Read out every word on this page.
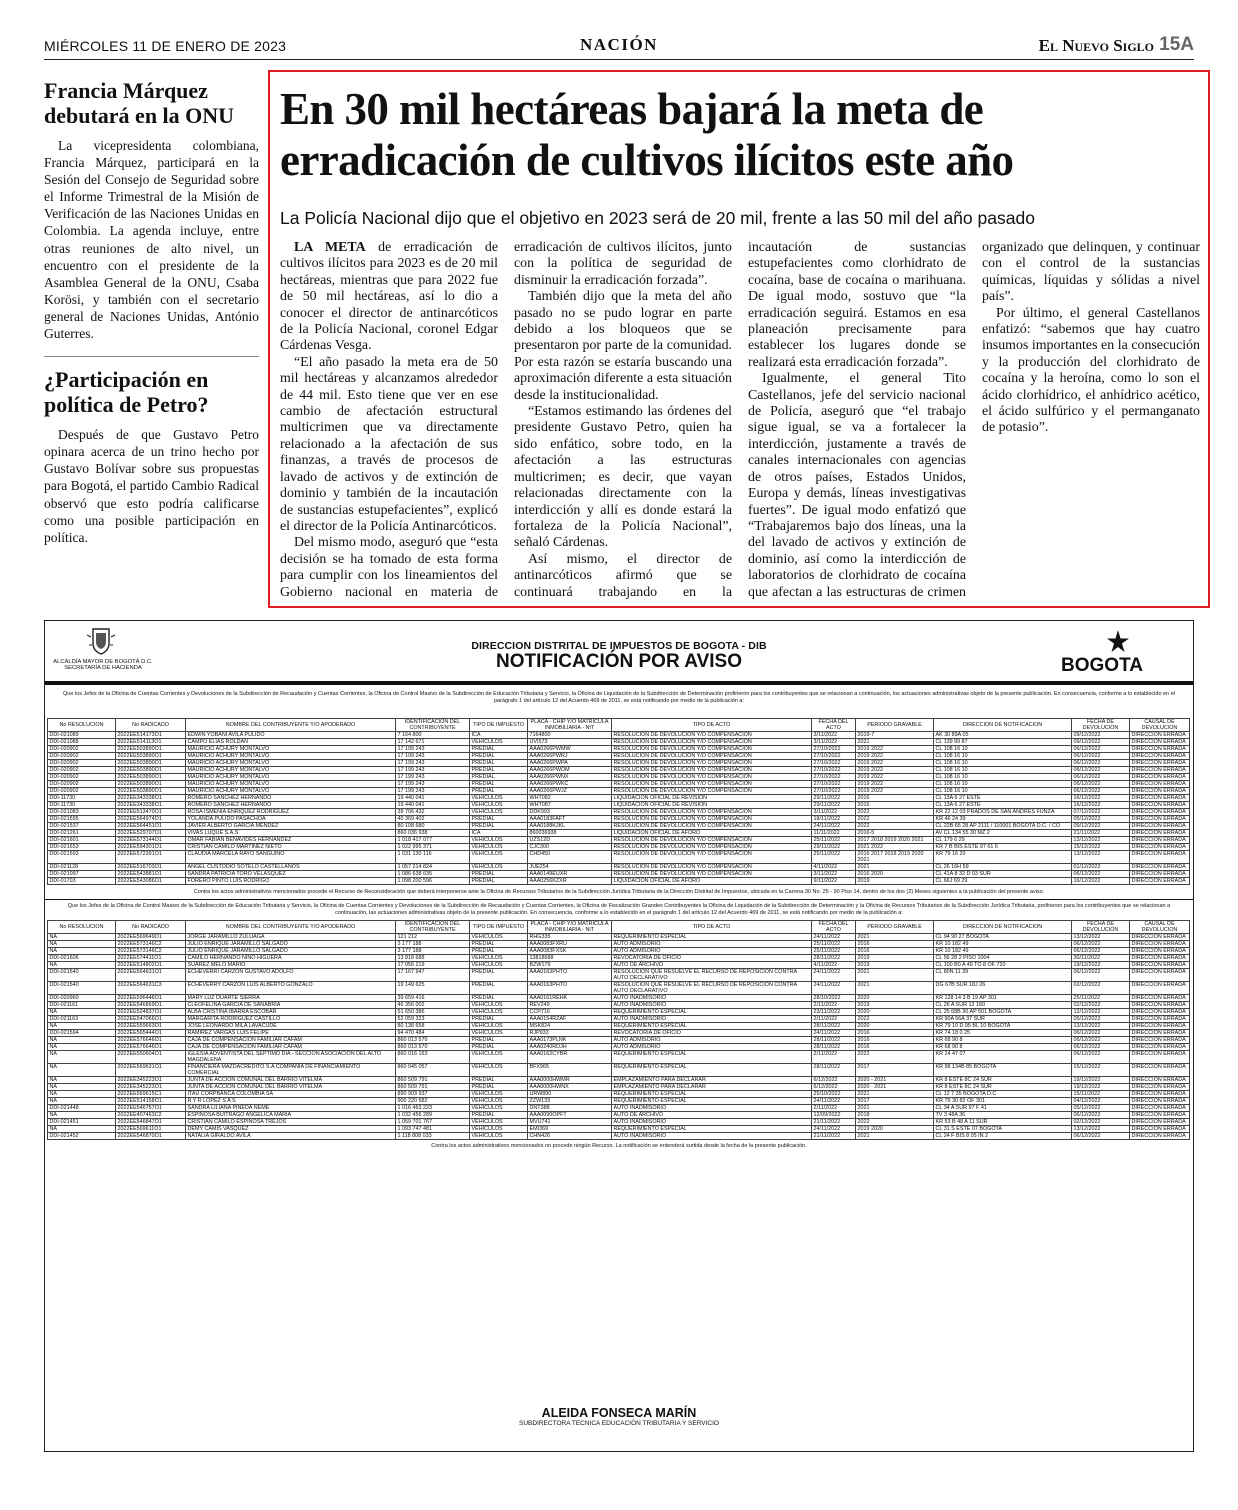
MIÉRCOLES 11 DE ENERO DE 2023	NACIÓN	El Nuevo Siglo 15A
Francia Márquez debutará en la ONU

La vicepresidenta colombiana, Francia Márquez, participará en la Sesión del Consejo de Seguridad sobre el Informe Trimestral de la Misión de Verificación de las Naciones Unidas en Colombia. La agenda incluye, entre otras reuniones de alto nivel, un encuentro con el presidente de la Asamblea General de la ONU, Csaba Korösi, y también con el secretario general de Naciones Unidas, António Guterres.

¿Participación en política de Petro?

Después de que Gustavo Petro opinara acerca de un trino hecho por Gustavo Bolívar sobre sus propuestas para Bogotá, el partido Cambio Radical observó que esto podría calificarse como una posible participación en política.

En 30 mil hectáreas bajará la meta de erradicación de cultivos ilícitos este año
La Policía Nacional dijo que el objetivo en 2023 será de 20 mil, frente a las 50 mil del año pasado

LA META de erradicación de cultivos ilícitos para 2023 es de 20 mil hectáreas, mientras que para 2022 fue de 50 mil hectáreas, así lo dio a conocer el director de antinarcóticos de la Policía Nacional, coronel Edgar Cárdenas Vesga.

“El año pasado la meta era de 50 mil hectáreas y alcanzamos alrededor de 44 mil. Esto tiene que ver en ese cambio de afectación estructural multicrimen que va directamente relacionado a la afectación de sus finanzas, a través de procesos de lavado de activos y de extinción de dominio y también de la incautación de sustancias estupefacientes”, explicó el director de la Policía Antinarcóticos.

Del mismo modo, aseguró que “esta decisión se ha tomado de esta forma para cumplir con los lineamientos del Gobierno nacional en materia de erradicación de cultivos ilícitos, junto con la política de seguridad de disminuir la erradicación forzada”.

También dijo que la meta del año pasado no se pudo lograr en parte debido a los bloqueos que se presentaron por parte de la comunidad. Por esta razón se estaría buscando una aproximación diferente a esta situación desde la institucionalidad.

“Estamos estimando las órdenes del presidente Gustavo Petro, quien ha sido enfático, sobre todo, en la afectación a las estructuras multicrimen; es decir, que vayan relacionadas directamente con la interdicción y allí es donde estará la fortaleza de la Policía Nacional”, señaló Cárdenas.

Así mismo, el director de antinarcóticos afirmó que se continuará trabajando en la incautación de sustancias estupefacientes como clorhidrato de cocaína, base de cocaína o marihuana. De igual modo, sostuvo que “la erradicación seguirá. Estamos en esa planeación precisamente para establecer los lugares donde se realizará esta erradicación forzada”.

Igualmente, el general Tito Castellanos, jefe del servicio nacional de Policía, aseguró que “el trabajo sigue igual, se va a fortalecer la interdicción, justamente a través de canales internacionales con agencias de otros países, Estados Unidos, Europa y demás, líneas investigativas fuertes”. De igual modo enfatizó que “Trabajaremos bajo dos líneas, una la del lavado de activos y extinción de dominio, así como la interdicción de laboratorios de clorhidrato de cocaína que afectan a las estructuras de crimen organizado que delinquen, y continuar con el control de la sustancias químicas, líquidas y sólidas a nivel país”.

Por último, el general Castellanos enfatizó: “sabemos que hay cuatro insumos importantes en la consecución y la producción del clorhidrato de cocaína y la heroína, como lo son el ácido clorhídrico, el anhídrico acético, el ácido sulfúrico y el permanganato de potasio”.

ALCALDÍA MAYOR DE BOGOTÁ D.C.
SECRETARÍA DE HACIENDA
DIRECCION DISTRITAL DE IMPUESTOS DE BOGOTA - DIB
NOTIFICACIÓN POR AVISO	BOGOTA
Que los Jefes de la Oficina de Cuentas Corrientes y Devoluciones de la Subdirección de Recaudación y Cuentas Corrientes, la Oficina de Control Masivo de la Subdirección de Educación Tributaria y Servicio, la Oficina de Liquidación de la Subdirección de Determinación profirieron para los contribuyentes que se relacionan a continuación, los actuaciones administrativas objeto de la presente publicación. En consecuencia, conforme a lo establecido en el parágrafo 1 del artículo 12 del Acuerdo 469 de 2011, se está notificando por medio de la publicación a:
No RESOLUCION	No RADICADO	NOMBRE DEL CONTRIBUYENTE Y/O APODERADO	IDENTIFICACION DEL CONTRIBUYENTE	TIPO DE IMPUESTO	PLACA - CHIP Y/O MATRICULA INMOBILIARIA - NIT	TIPO DE ACTO	FECHA DEL ACTO	PERIODO GRAVABLE	DIRECCION DE NOTIFICACION	FECHA DE DEVOLUCION	CAUSAL DE DEVOLUCION
DDI-021089	2022EE514173O1	EDWIN YOBANI AVILA PULIDO	7 164 800	ICA	7164800	RESOLUCION DE DEVOLUCION Y/O COMPENSACION	3/11/2022	2019-7	AK 30 89A 05	09/12/2022	DIRECCION ERRADA
DDI-021088	2022EE514113O1	CAMPO ELIAS ROLDAN	17 142 671	VEHICULOS	UVI573	RESOLUCION DE DEVOLUCION Y/O COMPENSACION	3/11/2022	2021	CL 139 99 87	09/12/2022	DIRECCION ERRADA
DDI-020902	2022EE503890O1	MAURICIO ACHURY MONTALVO	17 199 243	PREDIAL	AAA0266PWMW	RESOLUCION DE DEVOLUCION Y/O COMPENSACION	27/10/2022	2019 2022	CL 108 16 10	06/12/2022	DIRECCION ERRADA
DDI-020902	2022EE503890O1	MAURICIO ACHURY MONTALVO	17 199 243	PREDIAL	AAA0266PWRJ	RESOLUCION DE DEVOLUCION Y/O COMPENSACION	27/10/2022	2019 2022	CL 108 16 10	06/12/2022	DIRECCION ERRADA
DDI-020902	2022EE503890O1	MAURICIO ACHURY MONTALVO	17 199 243	PREDIAL	AAA0266PWPA	RESOLUCION DE DEVOLUCION Y/O COMPENSACION	27/10/2022	2019 2022	CL 108 16 10	06/12/2022	DIRECCION ERRADA
DDI-020902	2022EE503890O1	MAURICIO ACHURY MONTALVO	17 199 243	PREDIAL	AAA0266PWOM	RESOLUCION DE DEVOLUCION Y/O COMPENSACION	27/10/2022	2019 2022	CL 108 16 10	06/12/2022	DIRECCION ERRADA
DDI-020902	2022EE503890O1	MAURICIO ACHURY MONTALVO	17 199 243	PREDIAL	AAA0266PWNX	RESOLUCION DE DEVOLUCION Y/O COMPENSACION	27/10/2022	2019 2022	CL 108 16 10	06/12/2022	DIRECCION ERRADA
DDI-020902	2022EE503890O1	MAURICIO ACHURY MONTALVO	17 199 243	PREDIAL	AAA0266PWKC	RESOLUCION DE DEVOLUCION Y/O COMPENSACION	27/10/2022	2019 2022	CL 108 16 10	06/12/2022	DIRECCION ERRADA
DDI-020902	2022EE503890O1	MAURICIO ACHURY MONTALVO	17 199 243	PREDIAL	AAA0266PWJZ	RESOLUCION DE DEVOLUCION Y/O COMPENSACION	27/10/2022	2019 2022	CL 108 16 10	06/12/2022	DIRECCION ERRADA
DDI-11730	2022EE343338O1	ROMERO SANCHEZ HERNANDO	19 440 041	VEHICULOS	WHT082	LIQUIDACION OFICIAL DE REVISION	29/11/2022	2016	CL 13A 6 27 ESTE	16/12/2022	DIRECCION ERRADA
DDI-11730	2022EE343338O1	ROMERO SANCHEZ HERNANDO	19 440 041	VEHICULOS	WHT087	LIQUIDACION OFICIAL DE REVISION	29/11/2022	2016	CL 13A 6 27 ESTE	16/12/2022	DIRECCION ERRADA
DDI-021083	2022EE513470O1	ROSA ISMENIA ENRIQUEZ RODRIGUEZ	39 706 432	VEHICULOS	DDK993	RESOLUCION DE DEVOLUCION Y/O COMPENSACION	3/11/2022	2022	KR 22 12 03 PRADOS DE SAN ANDRES FUNZA	07/12/2022	DIRECCION ERRADA
DDI-021595	2022EE564974O1	YOLANDA PULIDO PASACHOA	40 369 402	PREDIAL	AAA0183FAFT	RESOLUCION DE DEVOLUCION Y/O COMPENSACION	18/11/2022	2022	KR 46 24 39	05/12/2022	DIRECCION ERRADA
DDI-021537	2022EE564451O1	JAVIER ALBERTO GARCIA MENDEZ	80 108 680	PREDIAL	AAA0188KJKL	RESOLUCION DE DEVOLUCION Y/O COMPENSACION	24/11/2022	2022	CL 22B 65 28 AP 2111 / 110001 BOGOTA D.C. / CO	09/12/2022	DIRECCION ERRADA
DDI-021261	2022EE529707O1	VIVAS LUQUE S.A.S	860 036 938	ICA	860036938	LIQUIDACION OFICIAL DE AFORO	11/11/2022	2016-5	AV CL 134 55 30 MZ 2	21/11/2022	DIRECCION ERRADA
DDI-021601	2022EE573144O1	OMAR FABIAN BENAVIDES HERNANDEZ	1 018 417 077	VEHICULOS	UZS12D	RESOLUCION DE DEVOLUCION Y/O COMPENSACION	25/11/2022	2017 2018 2019 2020 2021	CL 179 6 29	13/12/2022	DIRECCION ERRADA
DDI-021653	2022EE594301O1	CRISTIAN CAMILO MARTINEZ NIETO	1 022 995 371	VEHICULOS	CJC300	RESOLUCION DE DEVOLUCION Y/O COMPENSACION	29/11/2022	2021 2022	KR 7 B BIS ESTE 97 61 6	15/12/2022	DIRECCION ERRADA
DDI-021593	2022EE572391O1	CLAUDIA MARCELA RAYO SANGUINO	1 031 130 116	VEHICULOS	CHD450	RESOLUCION DE DEVOLUCION Y/O COMPENSACION	25/11/2022	2016 2017 2018 2019 2020 2021	KR 79 16 20	13/12/2022	DIRECCION ERRADA
DDI-021128	2022EE516703O1	ANGEL CUSTODIO SOTELO CASTELLANOS	1 057 214 824	VEHICULOS	JUE254	RESOLUCION DE DEVOLUCION Y/O COMPENSACION	4/11/2022	2021	CL 26 16H 59	01/12/2022	DIRECCION ERRADA
DDI-021097	2022EE543881O1	SANDRA PATRICIA TORO VELASQUEZ	1 086 638 635	PREDIAL	AAA0149EUXR	RESOLUCION DE DEVOLUCION Y/O COMPENSACION	3/11/2022	2016 2020	CL 41A 8 32 D 03 SUR	06/12/2022	DIRECCION ERRADA
DDI-01703	2022EE543086O1	FORERO PINTO LUIS RODRIGO	1 098 200 596	PREDIAL	AAA0256KZXR	LIQUIDACION OFICIAL DE AFORO	9/11/2022	2019	CL 66J 69 29	16/12/2022	DIRECCION ERRADA
Contra los actos administrativos mencionados procede el Recurso de Reconsideración que deberá interponerse ante la Oficina de Recursos Tributarios de la Subdirección Jurídica Tributaria de la Dirección Distrital de Impuestos, ubicada en la Carrera 30 No. 25 - 90 Piso 14, dentro de los dos (2) Meses siguientes a la publicación del presente aviso.
Que los Jefes de la Oficina de Control Masivo de la Subdirección de Educación Tributaria y Servicio, la Oficina de Cuentas Corrientes y Devoluciones de la Subdirección de Recaudación y Cuentas Corrientes, la Oficina de Fiscalización Grandes Contribuyentes la Oficina de Liquidación de la Subdirección de Determinación y la Oficina de Recursos Tributarios de la Subdirección Jurídica Tributaria, profirieron para los contribuyentes que se relacionan a continuación, las actuaciones administrativas objeto de la presente publicación. En consecuencia, conforme a lo establecido en el parágrafo 1 del artículo 12 del Acuerdo 469 de 2011, se está notificando por medio de la publicación a:
No RESOLUCION	No RADICADO	NOMBRE DEL CONTRIBUYENTE Y/O APODERADO	IDENTIFICACION DEL CONTRIBUYENTE	TIPO DE IMPUESTO	PLACA - CHIP Y/O MATRICULA INMOBILIARIA - NIT	TIPO DE ACTO	FECHA DEL ACTO	PERIODO GRAVABLE	DIRECCION DE NOTIFICACION	FECHA DE DEVOLUCION	CAUSAL DE DEVOLUCION
NA	2022EE569649O1	JORGE JARAMILLO ZULUAGA	121 212	VEHICULOS	RHG335	REQUERIMIENTO ESPECIAL	24/11/2022	2021	CL 94 90 27 BOGOTA	13/12/2022	DIRECCION ERRADA
NA	2022EE573146C2	JULIO ENRIQUE JARAMILLO SALGADO	3 177 188	PREDIAL	AAA0083FXRU	AUTO ADMISORIO	25/11/2022	2016	KR 10 182 49	06/12/2022	DIRECCION ERRADA
NA	2022EE573146C2	JULIO ENRIQUE JARAMILLO SALGADO	3 177 188	PREDIAL	AAA0083FXSK	AUTO ADMISORIO	25/11/2022	2016	KR 10 182 49	06/12/2022	DIRECCION ERRADA
DDI-021606	2022EE574411O1	CAMILO HERNANDO NIÑO HIGUERA	13 818 688	VEHICULOS	13818688	REVOCATORIA DE OFICIO	28/11/2022	2019	CL 56 28 2 PISO 1004	30/11/2022	DIRECCION ERRADA
NA	2022EE514802O1	SUAREZ MELO MARIO	17 056 219	VEHICULOS	BZW179	AUTO DE ARCHIVO	4/11/2022	2019	CL 100 B0 A 49 TO 8 OF 720	19/12/2022	DIRECCION ERRADA
DDI-021540	2022EE564631O1	ECHEVERRI CARZON GUSTAVO ADOLFO	17 167 947	PREDIAL	AAA0163PHTO	RESOLUCION QUE RESUELVE EL RECURSO DE REPOSICION CONTRA AUTO DECLARATIVO	24/11/2022	2021	CL 80N 11 39	06/12/2022	DIRECCION ERRADA
DDI-021540	2022EE564631C3	ECHEVERRY CARZON LUIS ALBERTO GONZALO	19 149 625	PREDIAL	AAA0163PHTO	RESOLUCION QUE RESUELVE EL RECURSO DE REPOSICION CONTRA AUTO DECLARATIVO	24/11/2022	2021	DG 67B SUR 18J 26	02/12/2022	DIRECCION ERRADA
DDI-020960	2022EE596446O1	MARY LUZ DUARTE SIERRA	39 659 416	PREDIAL	AAA0161REHK	AUTO INADMISORIO	28/10/2022	2020	KR 128 14 3 B 19 AP 301	25/11/2022	DIRECCION ERRADA
DDI-021161	2022EE546869O1	CLEOFELINA GARCIA DE SANABRIA	46 356 002	VEHICULOS	REV249	AUTO INADMISORIO	2/11/2022	2019	CL 26 A SUR 12 160	02/12/2022	DIRECCION ERRADA
NA	2022EE524837O1	ALBA CRISTINA IBARRA ESCOBAR	51 650 386	VEHICULOS	CCP716	REQUERIMIENTO ESPECIAL	23/11/2022	2020	CL 25 68B 30 AP 501 BOGOTA	12/12/2022	DIRECCION ERRADA
DDI-021163	2022EE547066O1	MARGARITA RODRIGUEZ CASTILLO	52 059 323	PREDIAL	AAA0154RZAF	AUTO INADMISORIO	2/11/2022	2022	KR 90A 56A 37 SUR	05/12/2022	DIRECCION ERRADA
NA	2022EE559663O1	JOSE LEONARDO MILA LAVACUDE	80 138 658	VEHICULOS	MSK824	REQUERIMIENTO ESPECIAL	28/11/2022	2020	KR 79 10 D 95 BL 10 BOGOTA	13/12/2022	DIRECCION ERRADA
DDI-021594	2022EE565444O1	RAMIREZ VARGAS LUIS FELIPE	94 470 484	VEHICULOS	RJP933	REVOCATORIA DE OFICIO	24/11/2022	2016	KR 74 18 0 25	06/12/2022	DIRECCION ERRADA
NA	2022EE576646O1	CAJA DE COMPENSACION FAMILIAR CAFAM	860 013 570	PREDIAL	AAA0173PLNK	AUTO ADMISORIO	28/11/2022	2016	KR 68 90 8	06/12/2022	DIRECCION ERRADA
NA	2022EE576646O1	CAJA DE COMPENSACION FAMILIAR CAFAM	860 013 570	PREDIAL	AAA0240RDJH	AUTO ADMISORIO	28/11/2022	2016	KR 68 90 8	06/12/2022	DIRECCION ERRADA
NA	2022EE550604O1	IGLESIA ADVENTISTA DEL SEPTIMO DIA - SECCION ASOCIACION DEL ALTO MAGDALENA	860 016 163	VEHICULOS	AAA0162CYBR	REQUERIMIENTO ESPECIAL	2/11/2022	2022	KR 24 47 07	06/12/2022	DIRECCION ERRADA
NA	2022EE569631O1	FINANCIERA MAZDACREDITO S.A COMPAÑIA DE FINANCIAMIENTO COMERCIAL	860 045 057	VEHICULOS	BFX965	REQUERIMIENTO ESPECIAL	28/11/2022	2017	KR 98 134B 85 BOGOTA	15/12/2022	DIRECCION ERRADA
NA	2022EE345223O1	JUNTA DE ACCION COMUNAL DEL BARRIO VITELMA	860 509 791	PREDIAL	AAA0000HWMR	EMPLAZAMIENTO PARA DECLARAR	6/12/2022	2020 - 2021	KR 8 ESTE 8C 24 SUR	19/12/2022	DIRECCION ERRADA
NA	2022EE345223O1	JUNTA DE ACCION COMUNAL DEL BARRIO VITELMA	860 509 791	PREDIAL	AAA0000HWNX	EMPLAZAMIENTO PARA DECLARAR	6/12/2022	2020 - 2021	KR 8 ESTE 8C 24 SUR	19/12/2022	DIRECCION ERRADA
NA	2022EE569615C1	ITAU CORPBANCA COLOMBIA SA	890 903 937	VEHICULOS	URW890	REQUERIMIENTO ESPECIAL	25/10/2022	2021	CL 12 7 35 BOGOTA D.C	15/11/2022	DIRECCION ERRADA
NA	2022EE514158O1	R Y R LOPEZ S A S	900 220 582	VEHICULOS	ZZW133	REQUERIMIENTO ESPECIAL	24/11/2022	2017	KR 79 30 82 OF 301	04/12/2022	DIRECCION ERRADA
DDI-021448	2022EE546757O1	SANDRA LILIANA PINEDA NEME	1 016 463 223	VEHICULOS	DNT388	AUTO INADMISORIO	2/11/2022	2021	CL 34 A SUR 97 F 41	05/12/2022	DIRECCION ERRADA
NA	2022EE407463C2	ESPINOSA BUITRAGO ANGELICA MARIA	1 032 456 289	PREDIAL	AAA0090OPFT	AUTO DE ARCHIVO	12/09/2022	2018	TV 3 48A 36	06/12/2022	DIRECCION ERRADA
DDI-021451	2022EE546847O1	CRISTIAN CAMILO ESPINOSA TREJOS	1 059 701 767	VEHICULOS	MVU741	AUTO INADMISORIO	21/11/2022	2022	KR 53 B 48 A 11 SUR	02/12/2022	DIRECCION ERRADA
NA	2022EE569611O1	DEMY CAMIS VASQUEZ	1 093 747 481	VEHICULOS	EMI369	REQUERIMIENTO ESPECIAL	24/11/2022	2019 2020	CL 31 S ESTE 07 BOGOTA	13/12/2022	DIRECCION ERRADA
DDI-021452	2022EE546870O1	NATALIA GIRALDO AVILA	1 118 808 033	VEHICULOS	CHN426	AUTO INADMISORIO	21/11/2022	2021	CL 24 F BIS 8 05 IN 2	06/12/2022	DIRECCION ERRADA
Contra los actos administrativos mencionados no procede ningún Recurso. La notificación se entenderá surtida desde la fecha de la presente publicación.
ALEIDA FONSECA MARÍN
SUBDIRECTORA TECNICA EDUCACIÓN TRIBUTARIA Y SERVICIO
